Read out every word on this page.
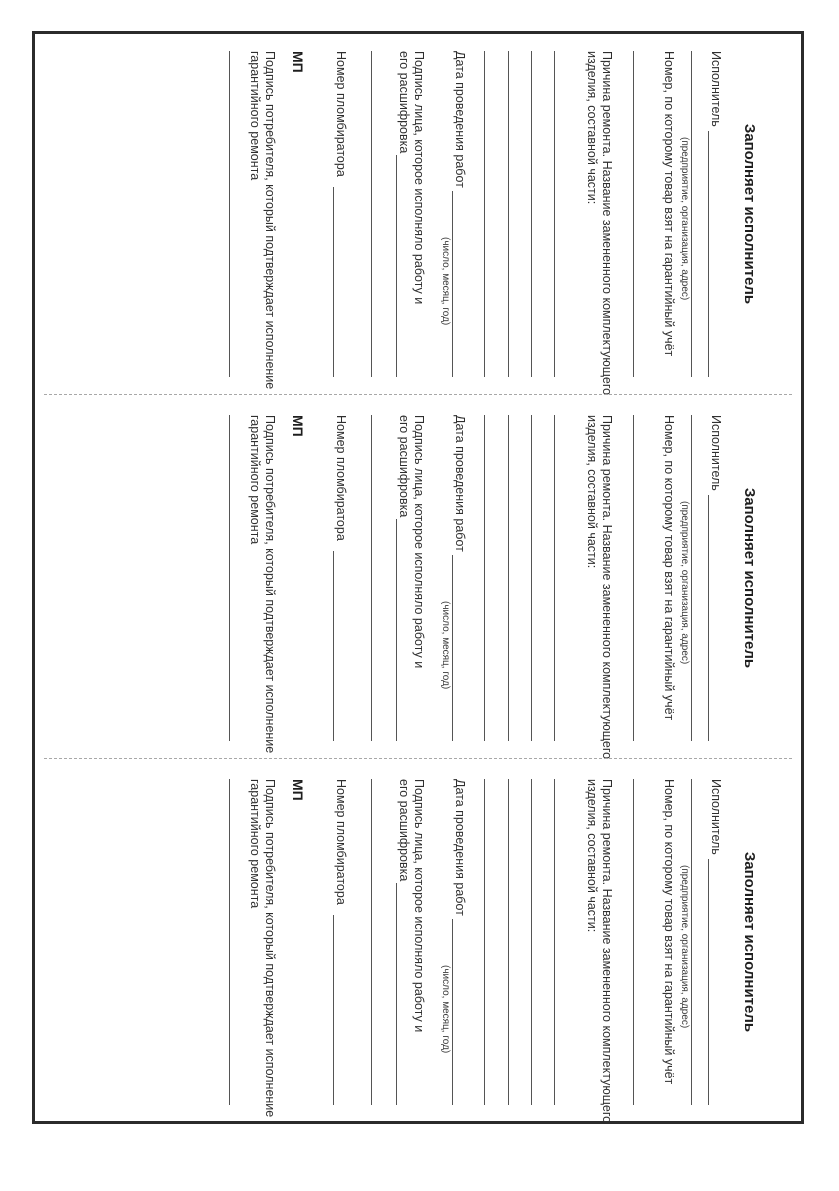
Заполняет исполнитель
Исполнитель
(предприятие, организация, адрес)
Номер, по которому товар взят на гарантийный учёт
Причина ремонта. Название замененного комплектующего
изделия, составной части:
Дата проведения работ
(число, месяц, год)
Подпись лица, которое исполняло работу и
его расшифровка
Номер пломбиратора
МП
Подпись потребителя, который подтверждает исполнение
гарантийного ремонта
Заполняет исполнитель
Исполнитель
(предприятие, организация, адрес)
Номер, по которому товар взят на гарантийный учёт
Причина ремонта. Название замененного комплектующего
изделия, составной части:
Дата проведения работ
(число, месяц, год)
Подпись лица, которое исполняло работу и
его расшифровка
Номер пломбиратора
МП
Подпись потребителя, который подтверждает исполнение
гарантийного ремонта
Заполняет исполнитель
Исполнитель
(предприятие, организация, адрес)
Номер, по которому товар взят на гарантийный учёт
Причина ремонта. Название замененного комплектующего
изделия, составной части:
Дата проведения работ
(число, месяц, год)
Подпись лица, которое исполняло работу и
его расшифровка
Номер пломбиратора
МП
Подпись потребителя, который подтверждает исполнение
гарантийного ремонта
